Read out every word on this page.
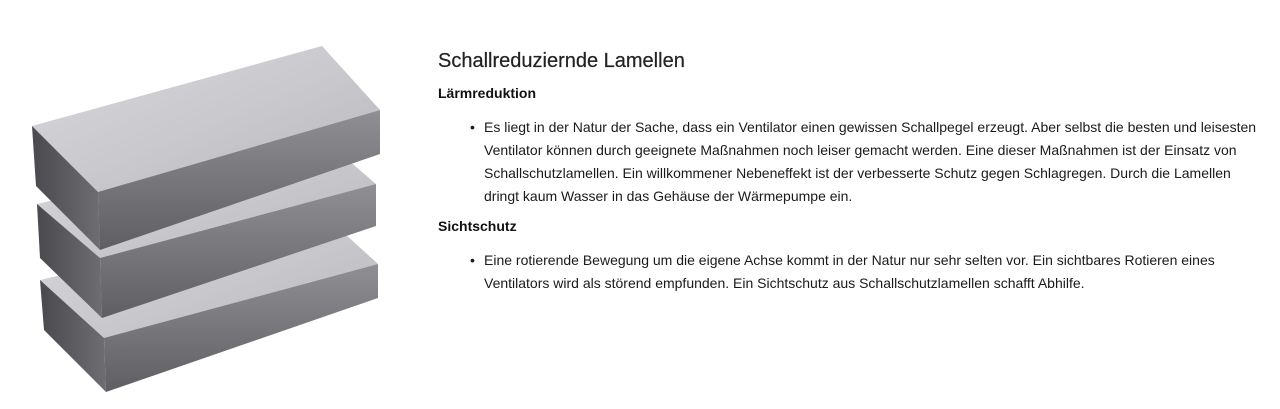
Schallreduziernde Lamellen
Lärmreduktion
• Es liegt in der Natur der Sache, dass ein Ventilator einen gewissen Schallpegel erzeugt. Aber selbst die besten und leisesten Ventilator können durch geeignete Maßnahmen noch leiser gemacht werden. Eine dieser Maßnahmen ist der Einsatz von Schallschutzlamellen. Ein willkommener Nebeneffekt ist der verbesserte Schutz gegen Schlagregen. Durch die Lamellen dringt kaum Wasser in das Gehäuse der Wärmepumpe ein.
Sichtschutz
• Eine rotierende Bewegung um die eigene Achse kommt in der Natur nur sehr selten vor. Ein sichtbares Rotieren eines Ventilators wird als störend empfunden. Ein Sichtschutz aus Schallschutzlamellen schafft Abhilfe.
